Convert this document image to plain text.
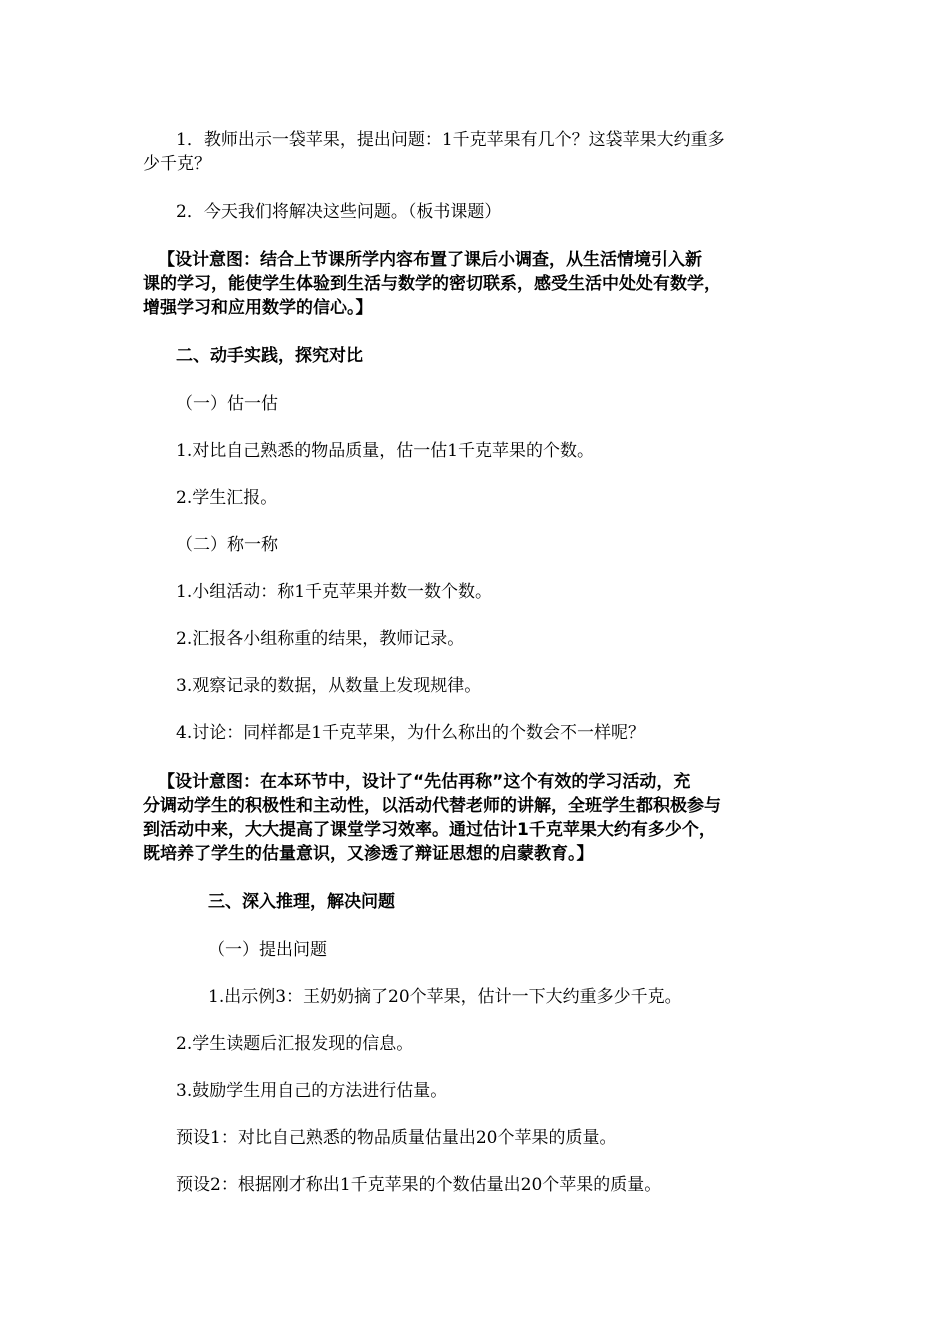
1．教师出示一袋苹果，提出问题：1千克苹果有几个？这袋苹果大约重多

少千克？

2．今天我们将解决这些问题。（板书课题）

【设计意图：结合上节课所学内容布置了课后小调查，从生活情境引入新

课的学习，能使学生体验到生活与数学的密切联系，感受生活中处处有数学，

增强学习和应用数学的信心。】

二、动手实践，探究对比

（一）估一估

1.对比自己熟悉的物品质量，估一估1千克苹果的个数。

2.学生汇报。

（二）称一称

1.小组活动：称1千克苹果并数一数个数。

2.汇报各小组称重的结果，教师记录。

3.观察记录的数据，从数量上发现规律。

4.讨论：同样都是1千克苹果，为什么称出的个数会不一样呢？

【设计意图：在本环节中，设计了“先估再称”这个有效的学习活动，充

分调动学生的积极性和主动性，以活动代替老师的讲解，全班学生都积极参与

到活动中来，大大提高了课堂学习效率。通过估计1千克苹果大约有多少个，

既培养了学生的估量意识，又渗透了辩证思想的启蒙教育。】

三、深入推理，解决问题

（一）提出问题

1.出示例3：王奶奶摘了20个苹果，估计一下大约重多少千克。

2.学生读题后汇报发现的信息。

3.鼓励学生用自己的方法进行估量。

预设1：对比自己熟悉的物品质量估量出20个苹果的质量。

预设2：根据刚才称出1千克苹果的个数估量出20个苹果的质量。
